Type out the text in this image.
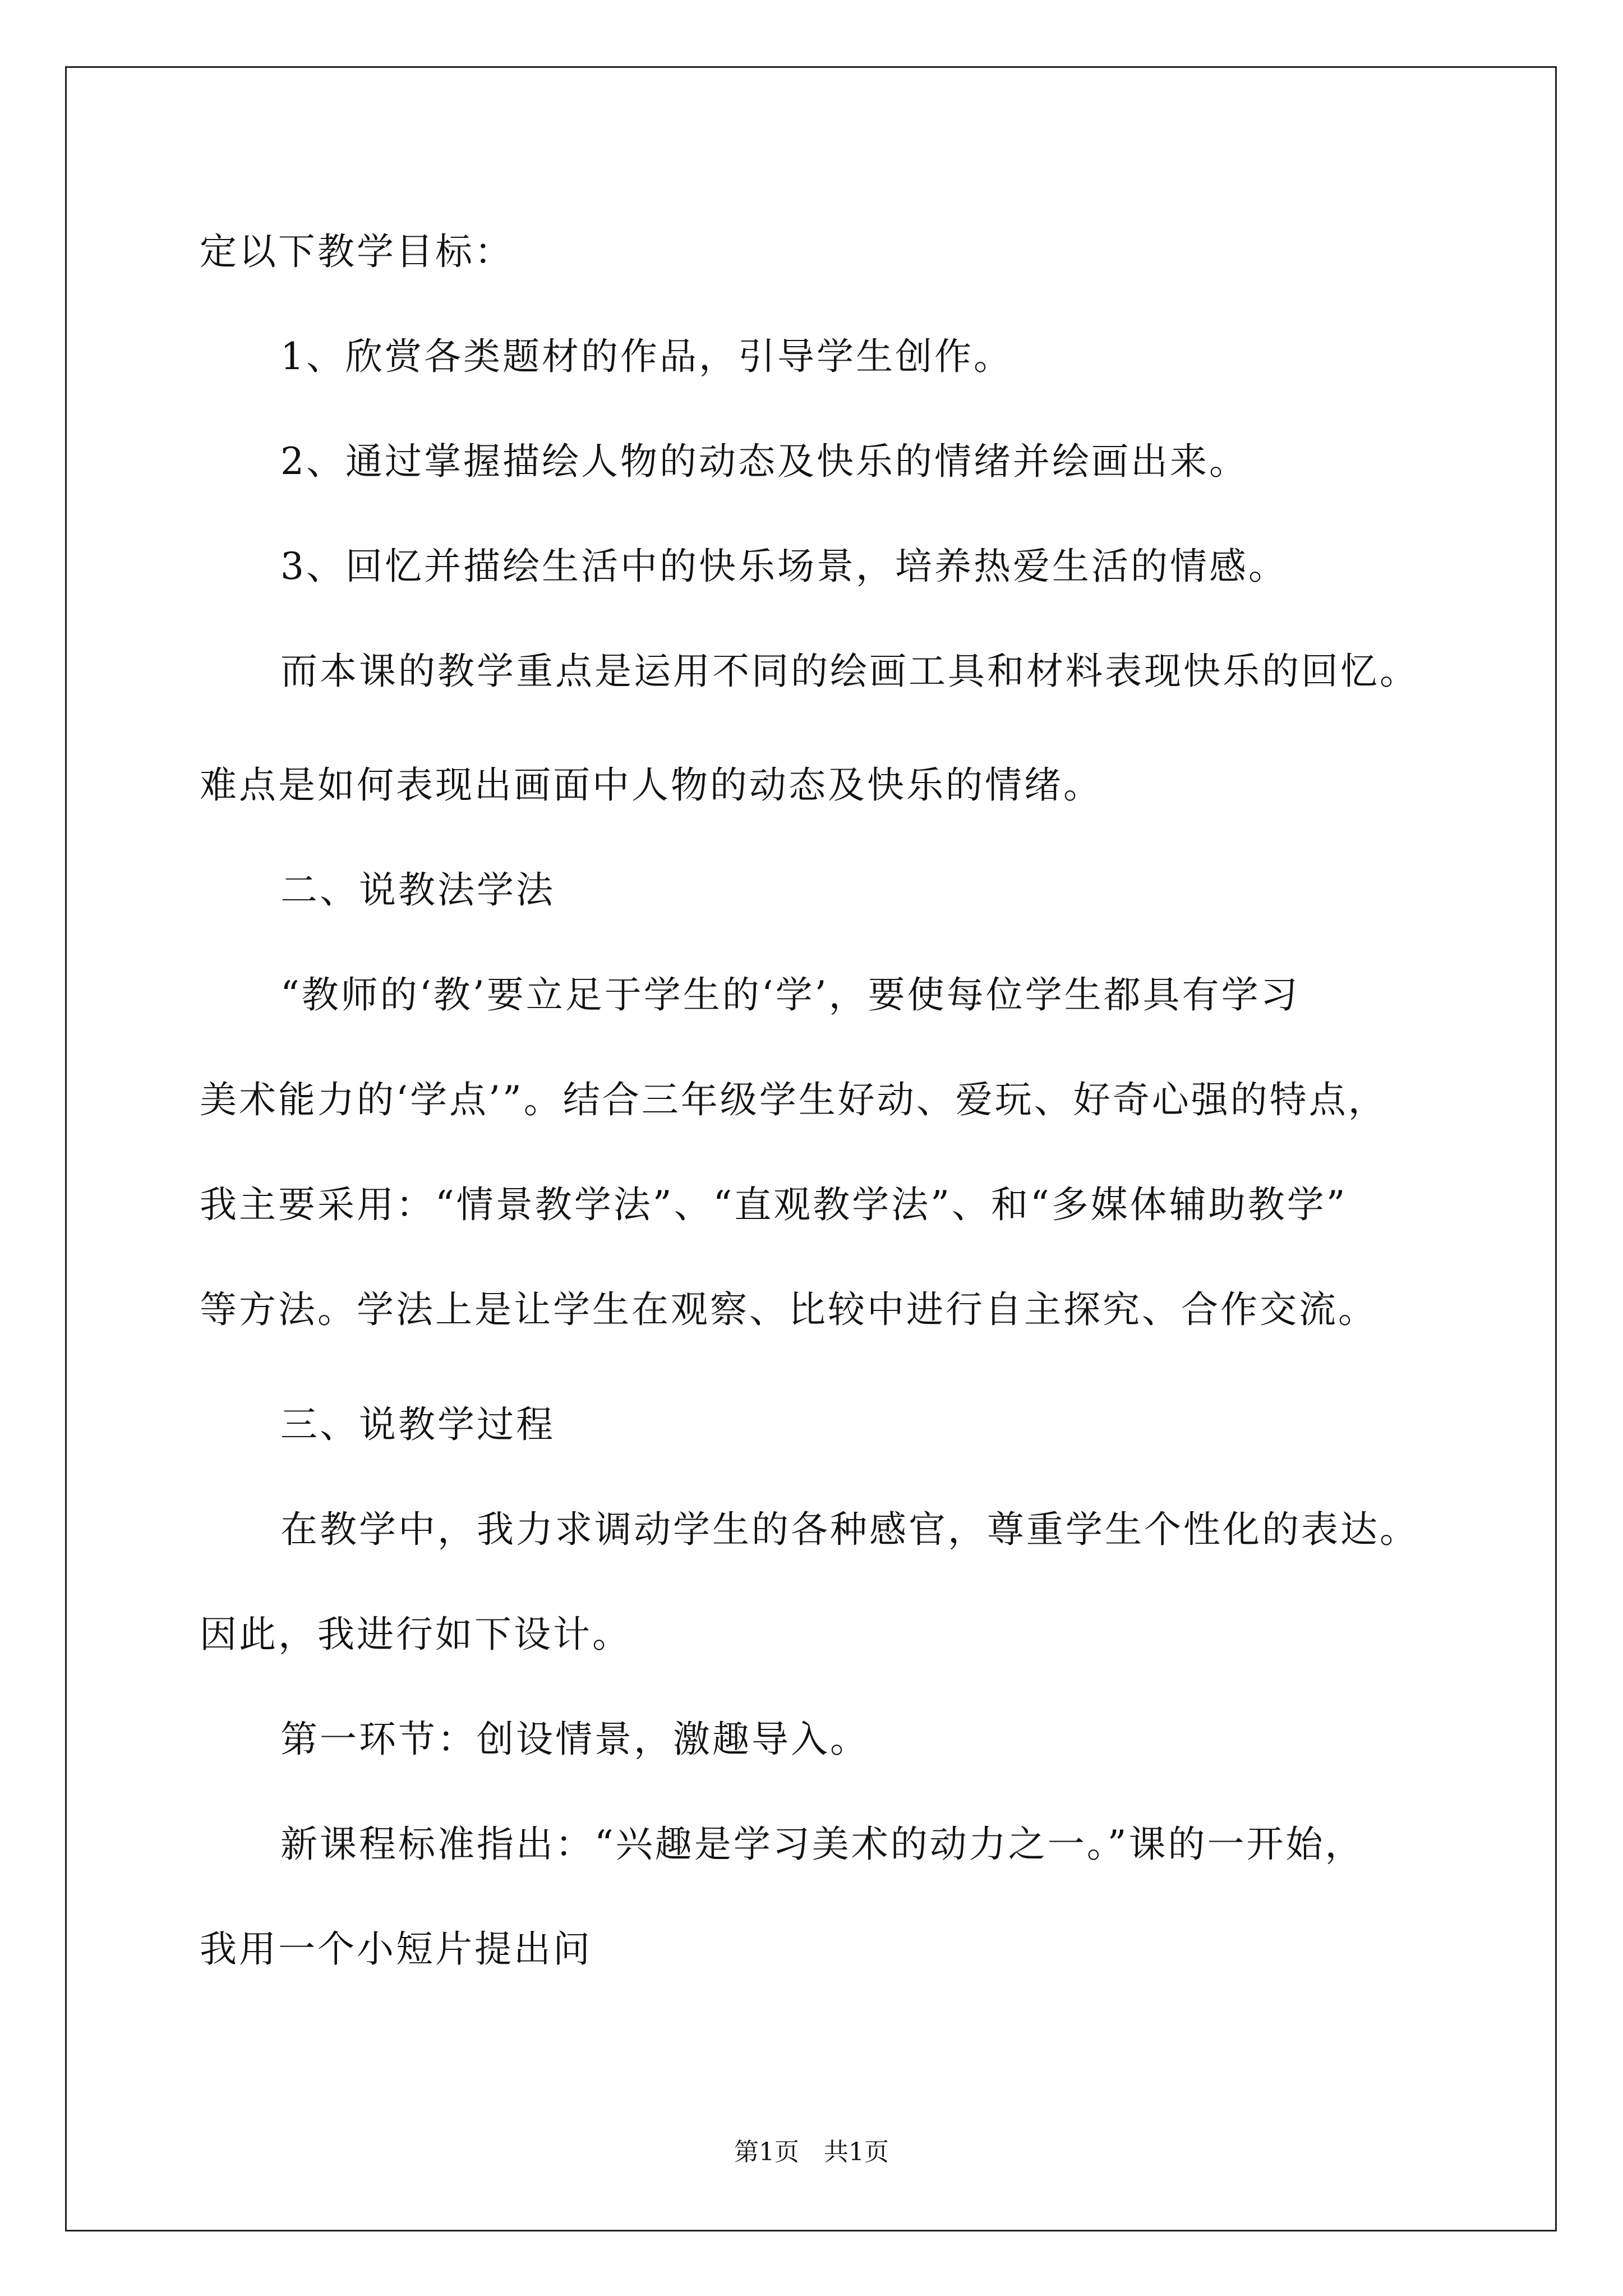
定以下教学目标：
1、欣赏各类题材的作品，引导学生创作。
2、通过掌握描绘人物的动态及快乐的情绪并绘画出来。
3、回忆并描绘生活中的快乐场景，培养热爱生活的情感。
而本课的教学重点是运用不同的绘画工具和材料表现快乐的回忆。
难点是如何表现出画面中人物的动态及快乐的情绪。
二、说教法学法
“教师的‘教’要立足于学生的‘学’，要使每位学生都具有学习
美术能力的‘学点’”。结合三年级学生好动、爱玩、好奇心强的特点，
我主要采用：“情景教学法”、“直观教学法”、和“多媒体辅助教学”
等方法。学法上是让学生在观察、比较中进行自主探究、合作交流。
三、说教学过程
在教学中，我力求调动学生的各种感官，尊重学生个性化的表达。
因此，我进行如下设计。
第一环节：创设情景，激趣导入。
新课程标准指出：“兴趣是学习美术的动力之一。”课的一开始，
我用一个小短片提出问
第1页　共1页
